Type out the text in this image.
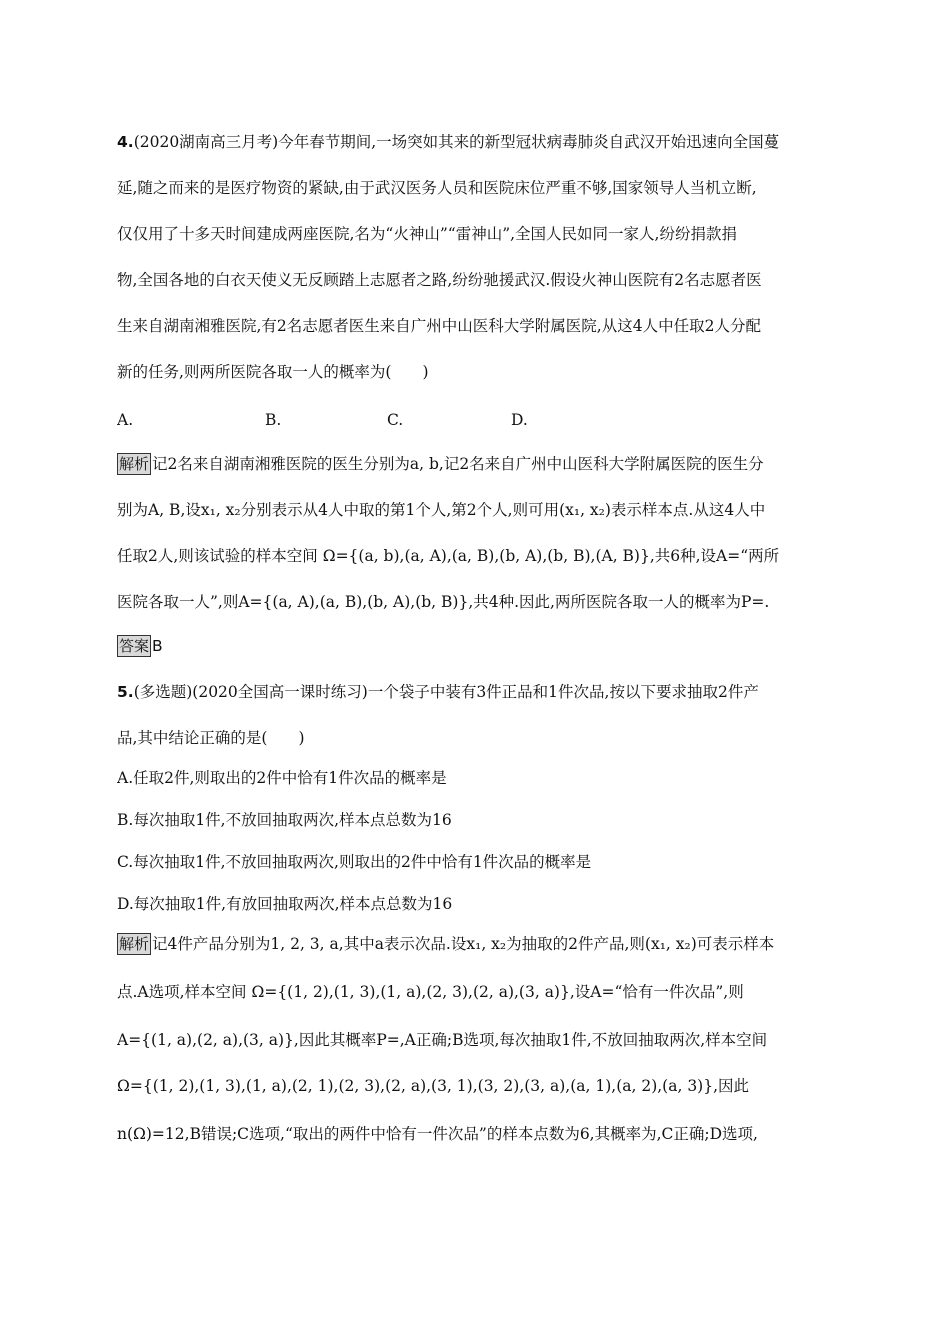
4.(2020湖南高三月考)今年春节期间,一场突如其来的新型冠状病毒肺炎自武汉开始迅速向全国蔓
延,随之而来的是医疗物资的紧缺,由于武汉医务人员和医院床位严重不够,国家领导人当机立断,
仅仅用了十多天时间建成两座医院,名为“火神山”“雷神山”,全国人民如同一家人,纷纷捐款捐
物,全国各地的白衣天使义无反顾踏上志愿者之路,纷纷驰援武汉.假设火神山医院有2名志愿者医
生来自湖南湘雅医院,有2名志愿者医生来自广州中山医科大学附属医院,从这4人中任取2人分配
新的任务,则两所医院各取一人的概率为(　　)
A.	B.	C.	D.
解析 记2名来自湖南湘雅医院的医生分别为a, b,记2名来自广州中山医科大学附属医院的医生分
别为A, B,设x₁, x₂分别表示从4人中取的第1个人,第2个人,则可用(x₁, x₂)表示样本点.从这4人中
任取2人,则该试验的样本空间 Ω={(a, b),(a, A),(a, B),(b, A),(b, B),(A, B)},共6种,设A=“两所
医院各取一人”,则A={(a, A),(a, B),(b, A),(b, B)},共4种.因此,两所医院各取一人的概率为P=.
答案 B
5.(多选题)(2020全国高一课时练习)一个袋子中装有3件正品和1件次品,按以下要求抽取2件产
品,其中结论正确的是(　　)
A.任取2件,则取出的2件中恰有1件次品的概率是
B.每次抽取1件,不放回抽取两次,样本点总数为16
C.每次抽取1件,不放回抽取两次,则取出的2件中恰有1件次品的概率是
D.每次抽取1件,有放回抽取两次,样本点总数为16
解析 记4件产品分别为1, 2, 3, a,其中a表示次品.设x₁, x₂为抽取的2件产品,则(x₁, x₂)可表示样本
点.A选项,样本空间 Ω={(1, 2),(1, 3),(1, a),(2, 3),(2, a),(3, a)},设A=“恰有一件次品”,则
A={(1, a),(2, a),(3, a)},因此其概率P=,A正确;B选项,每次抽取1件,不放回抽取两次,样本空间
Ω={(1, 2),(1, 3),(1, a),(2, 1),(2, 3),(2, a),(3, 1),(3, 2),(3, a),(a, 1),(a, 2),(a, 3)},因此
n(Ω)=12,B错误;C选项,“取出的两件中恰有一件次品”的样本点数为6,其概率为,C正确;D选项,
